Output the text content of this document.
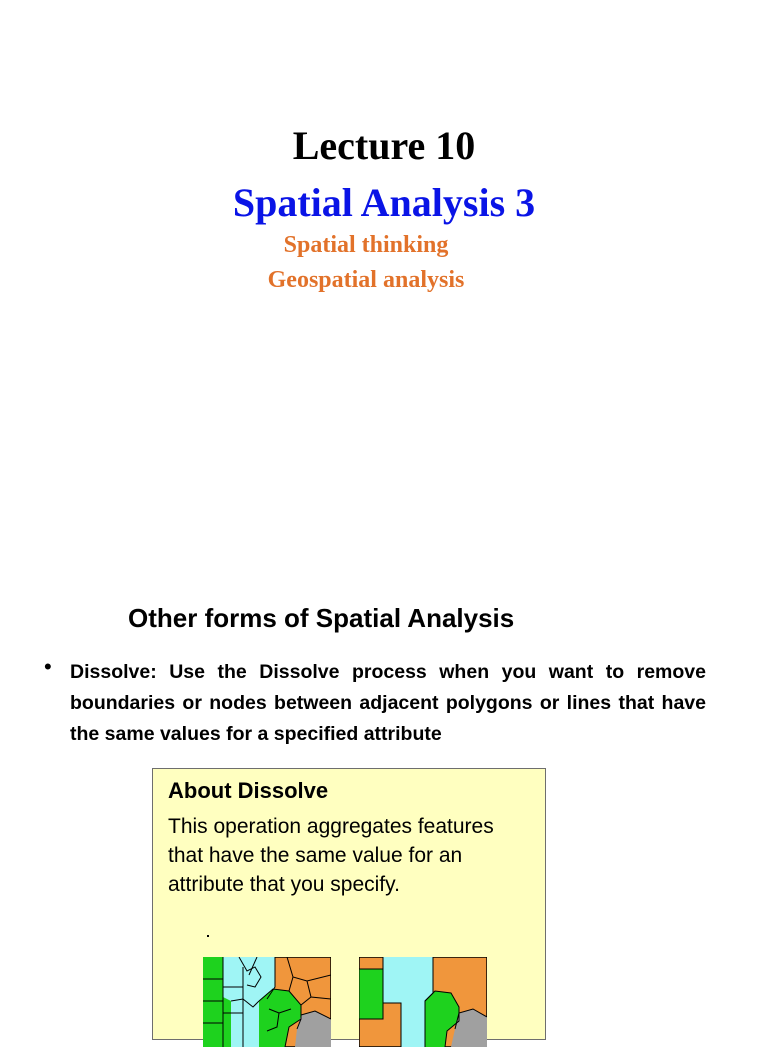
Lecture 10
Spatial Analysis 3
Spatial thinking
Geospatial analysis
Other forms of Spatial Analysis
• Dissolve: Use the Dissolve process when you want to remove boundaries or nodes between adjacent polygons or lines that have the same values for a specified attribute
About Dissolve
This operation aggregates features that have the same value for an attribute that you specify.
